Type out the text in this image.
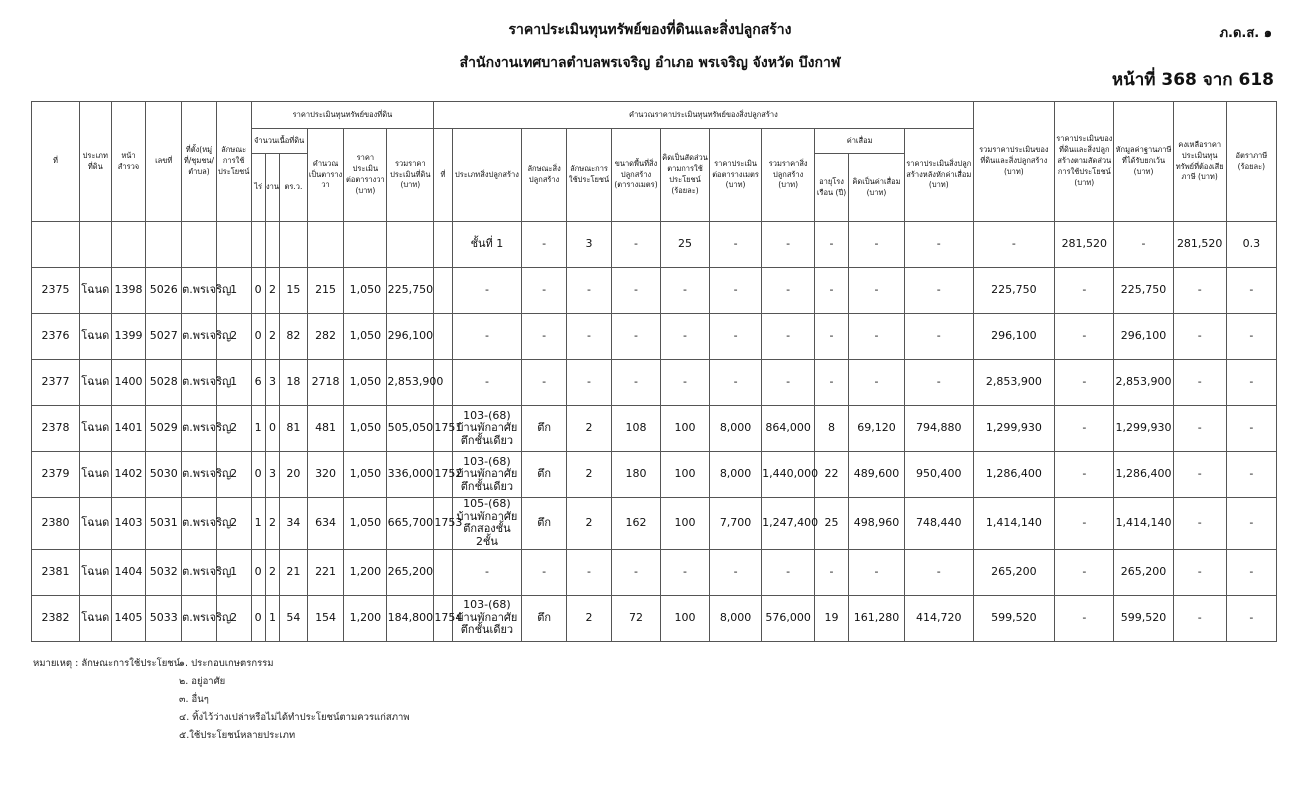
ราคาประเมินทุนทรัพย์ของที่ดินและสิ่งปลูกสร้าง	ภ.ด.ส. ๑
สำนักงานเทศบาลตำบลพรเจริญ อำเภอ พรเจริญ จังหวัด บึงกาฬ
หน้าที่ 368 จาก 618
ที่	ประเภทที่ดิน	หน้าสำรวจ	เลขที่	ที่ตั้ง(หมู่ที่/ชุมชน/ตำบล)	ลักษณะการใช้ประโยชน์	ราคาประเมินทุนทรัพย์ของที่ดิน						คำนวณราคาประเมินทุนทรัพย์ของสิ่งปลูกสร้าง											รวมราคาประเมินของที่ดินและสิ่งปลูกสร้าง (บาท)	ราคาประเมินของที่ดินและสิ่งปลูกสร้างตามสัดส่วนการใช้ประโยชน์ (บาท)	หักมูลค่าฐานภาษีที่ได้รับยกเว้น (บาท)	คงเหลือราคาประเมินทุนทรัพย์ที่ต้องเสียภาษี (บาท)	อัตราภาษี (ร้อยละ)
						จำนวนเนื้อที่ดิน			คำนวณเป็นตารางวา	ราคาประเมินต่อตารางวา (บาท)	รวมราคาประเมินที่ดิน (บาท)	ที่	ประเภทสิ่งปลูกสร้าง	ลักษณะสิ่งปลูกสร้าง	ลักษณะการใช้ประโยชน์	ขนาดพื้นที่สิ่งปลูกสร้าง (ตารางเมตร)	คิดเป็นสัดส่วนตามการใช้ประโยชน์ (ร้อยละ)	ราคาประเมินต่อตารางเมตร (บาท)	รวมราคาสิ่งปลูกสร้าง (บาท)	ค่าเสื่อม		ราคาประเมินสิ่งปลูกสร้างหลังหักค่าเสื่อม (บาท)					
						ไร่	งาน	ตร.ว.												อายุโรงเรือน (ปี)	คิดเป็นค่าเสื่อม (บาท)						
													ชั้นที่ 1	-	3	-	25	-	-	-	-	-	-	281,520	-	281,520	0.3
2375	โฉนด	1398	5026	ต.พรเจริญ	1	0	2	15	215	1,050	225,750		-	-	-	-	-	-	-	-	-	-	225,750	-	225,750	-	-
2376	โฉนด	1399	5027	ต.พรเจริญ	2	0	2	82	282	1,050	296,100		-	-	-	-	-	-	-	-	-	-	296,100	-	296,100	-	-
2377	โฉนด	1400	5028	ต.พรเจริญ	1	6	3	18	2718	1,050	2,853,900		-	-	-	-	-	-	-	-	-	-	2,853,900	-	2,853,900	-	-
2378	โฉนด	1401	5029	ต.พรเจริญ	2	1	0	81	481	1,050	505,050	1751	103-(68) บ้านพักอาศัยตึกชั้นเดียว	ตึก	2	108	100	8,000	864,000	8	69,120	794,880	1,299,930	-	1,299,930	-	-
2379	โฉนด	1402	5030	ต.พรเจริญ	2	0	3	20	320	1,050	336,000	1752	103-(68) บ้านพักอาศัยตึกชั้นเดียว	ตึก	2	180	100	8,000	1,440,000	22	489,600	950,400	1,286,400	-	1,286,400	-	-
2380	โฉนด	1403	5031	ต.พรเจริญ	2	1	2	34	634	1,050	665,700	1753	105-(68) บ้านพักอาศัยตึกสองชั้น 2ชั้น	ตึก	2	162	100	7,700	1,247,400	25	498,960	748,440	1,414,140	-	1,414,140	-	-
2381	โฉนด	1404	5032	ต.พรเจริญ	1	0	2	21	221	1,200	265,200		-	-	-	-	-	-	-	-	-	-	265,200	-	265,200	-	-
2382	โฉนด	1405	5033	ต.พรเจริญ	2	0	1	54	154	1,200	184,800	1754	103-(68) บ้านพักอาศัยตึกชั้นเดียว	ตึก	2	72	100	8,000	576,000	19	161,280	414,720	599,520	-	599,520	-	-
หมายเหตุ : ลักษณะการใช้ประโยชน์
๑. ประกอบเกษตรกรรม
๒. อยู่อาศัย
๓. อื่นๆ
๔. ทิ้งไว้ว่างเปล่าหรือไม่ได้ทำประโยชน์ตามควรแก่สภาพ
๕.ใช้ประโยชน์หลายประเภท
